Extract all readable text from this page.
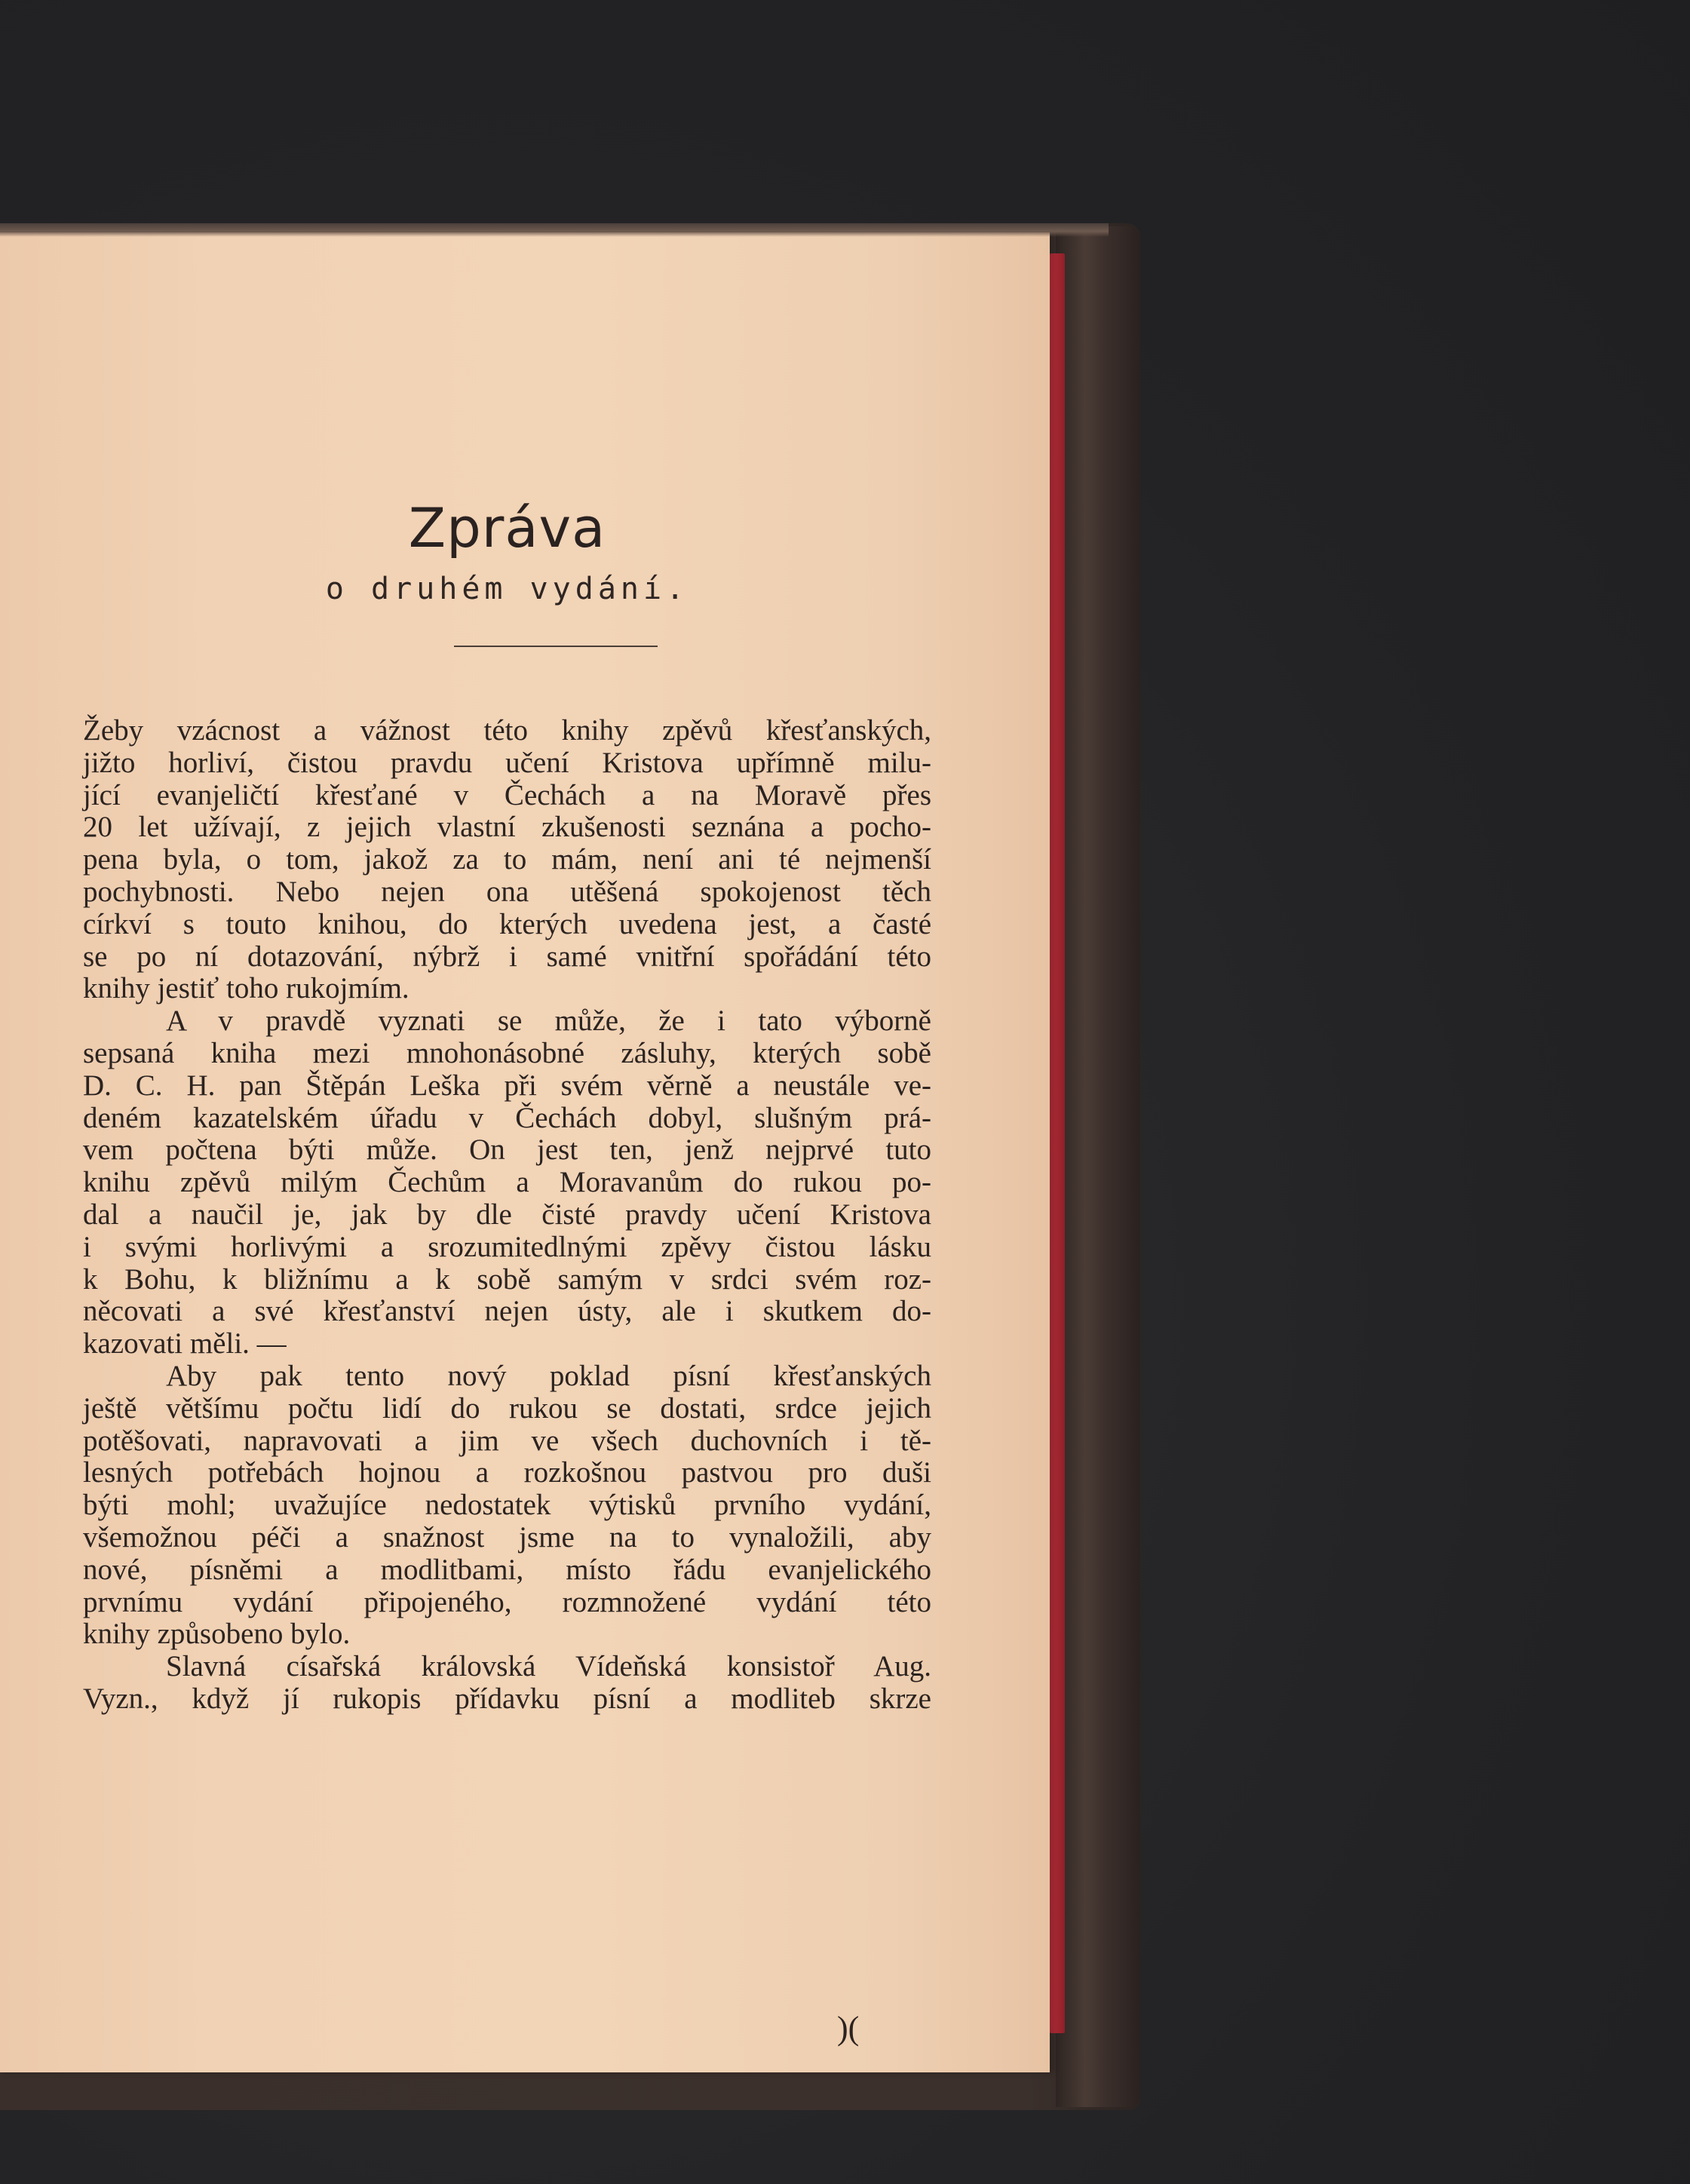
Zpráva
o druhém vydání.
Žeby vzácnost a vážnost této knihy zpěvů křesťanských,
jižto horliví, čistou pravdu učení Kristova upřímně milu-
jící evanjeličtí křesťané v Čechách a na Moravě přes
20 let užívají, z jejich vlastní zkušenosti seznána a pocho-
pena byla, o tom, jakož za to mám, není ani té nejmenší
pochybnosti. Nebo nejen ona utěšená spokojenost těch
církví s touto knihou, do kterých uvedena jest, a časté
se po ní dotazování, nýbrž i samé vnitřní spořádání této
knihy jestiť toho rukojmím.
A v pravdě vyznati se může, že i tato výborně
sepsaná kniha mezi mnohonásobné zásluhy, kterých sobě
D. C. H. pan Štěpán Leška při svém věrně a neustále ve-
deném kazatelském úřadu v Čechách dobyl, slušným prá-
vem počtena býti může. On jest ten, jenž nejprvé tuto
knihu zpěvů milým Čechům a Moravanům do rukou po-
dal a naučil je, jak by dle čisté pravdy učení Kristova
i svými horlivými a srozumitedlnými zpěvy čistou lásku
k Bohu, k bližnímu a k sobě samým v srdci svém roz-
něcovati a své křesťanství nejen ústy, ale i skutkem do-
kazovati měli. —
Aby pak tento nový poklad písní křesťanských
ještě většímu počtu lidí do rukou se dostati, srdce jejich
potěšovati, napravovati a jim ve všech duchovních i tě-
lesných potřebách hojnou a rozkošnou pastvou pro duši
býti mohl; uvažujíce nedostatek výtisků prvního vydání,
všemožnou péči a snažnost jsme na to vynaložili, aby
nové, písněmi a modlitbami, místo řádu evanjelického
prvnímu vydání připojeného, rozmnožené vydání této
knihy způsobeno bylo.
Slavná císařská královská Vídeňská konsistoř Aug.
Vyzn., když jí rukopis přídavku písní a modliteb skrze
)(
